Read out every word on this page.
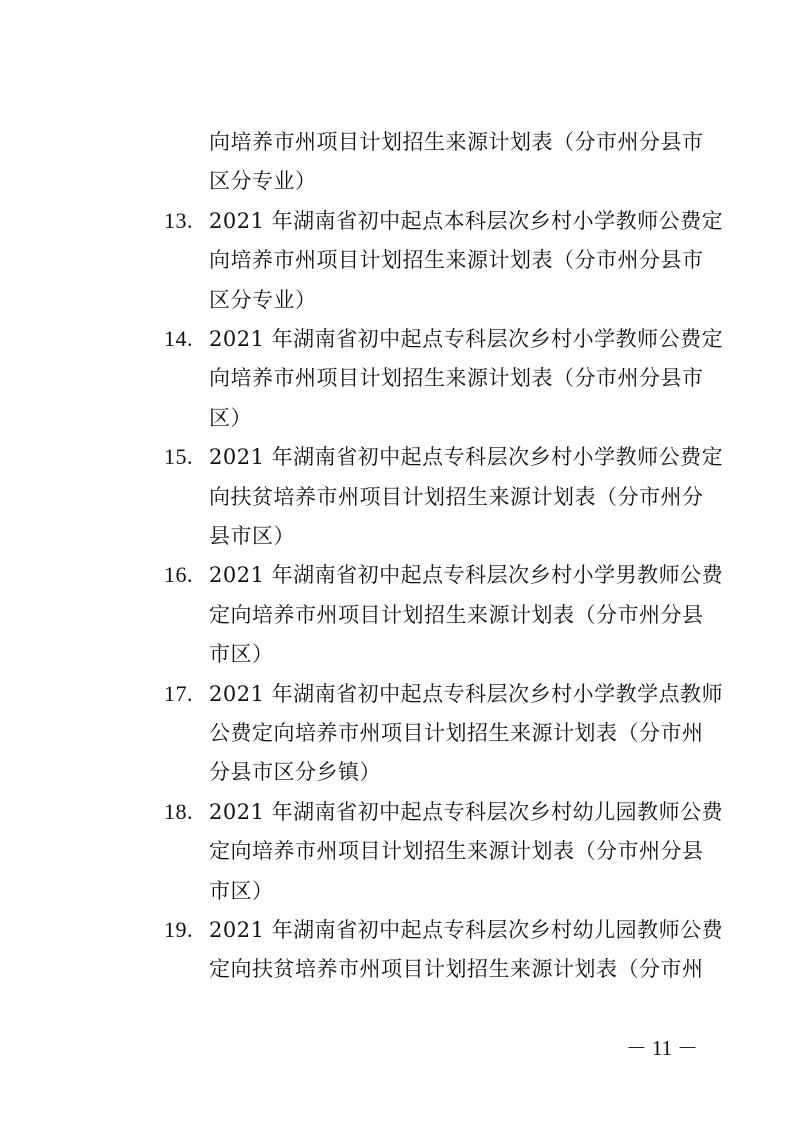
向培养市州项目计划招生来源计划表（分市州分县市
区分专业）
13. 2021 年湖南省初中起点本科层次乡村小学教师公费定
向培养市州项目计划招生来源计划表（分市州分县市
区分专业）
14. 2021 年湖南省初中起点专科层次乡村小学教师公费定
向培养市州项目计划招生来源计划表（分市州分县市
区）
15. 2021 年湖南省初中起点专科层次乡村小学教师公费定
向扶贫培养市州项目计划招生来源计划表（分市州分
县市区）
16. 2021 年湖南省初中起点专科层次乡村小学男教师公费
定向培养市州项目计划招生来源计划表（分市州分县
市区）
17. 2021 年湖南省初中起点专科层次乡村小学教学点教师
公费定向培养市州项目计划招生来源计划表（分市州
分县市区分乡镇）
18. 2021 年湖南省初中起点专科层次乡村幼儿园教师公费
定向培养市州项目计划招生来源计划表（分市州分县
市区）
19. 2021 年湖南省初中起点专科层次乡村幼儿园教师公费
定向扶贫培养市州项目计划招生来源计划表（分市州
－ 11 －
